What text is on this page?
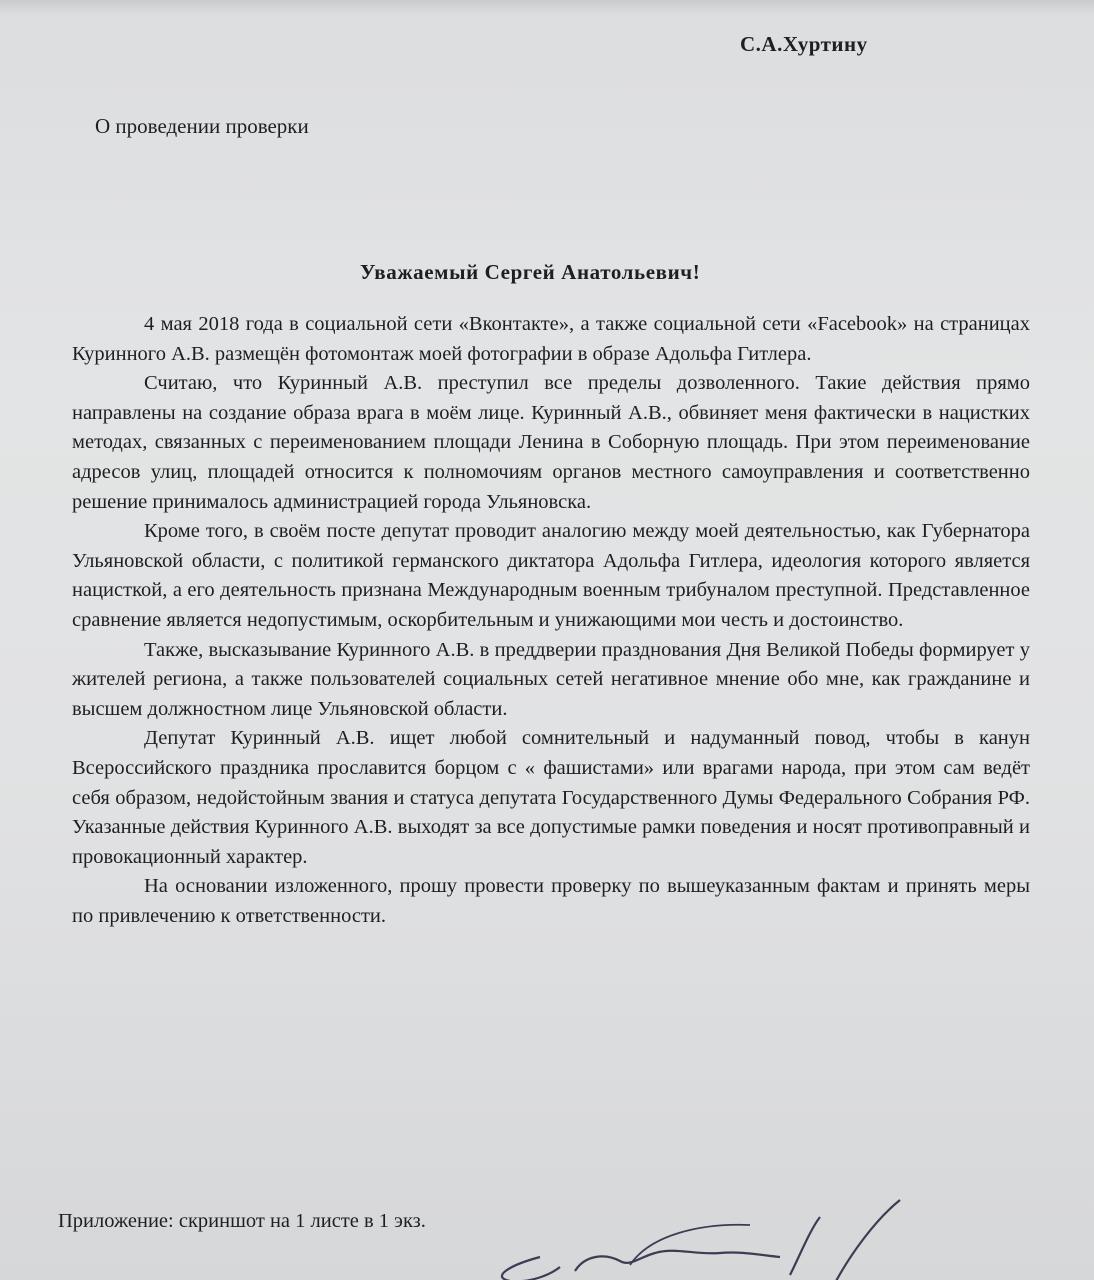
С.А.Хуртину
О проведении проверки
Уважаемый Сергей Анатольевич!

4 мая 2018 года в социальной сети «Вконтакте», а также социальной сети «Facebook» на страницах Куринного А.В. размещён фотомонтаж моей фотографии в образе Адольфа Гитлера.

Считаю, что Куринный А.В. преступил все пределы дозволенного. Такие действия прямо направлены на создание образа врага в моём лице. Куринный А.В., обвиняет меня фактически в нацистких методах, связанных с переименованием площади Ленина в Соборную площадь. При этом переименование адресов улиц, площадей относится к полномочиям органов местного самоуправления и соответственно решение принималось администрацией города Ульяновска.

Кроме того, в своём посте депутат проводит аналогию между моей деятельностью, как Губернатора Ульяновской области, с политикой германского диктатора Адольфа Гитлера, идеология которого является нацисткой, а его деятельность признана Международным военным трибуналом преступной. Представленное сравнение является недопустимым, оскорбительным и унижающими мои честь и достоинство.

Также, высказывание Куринного А.В. в преддверии празднования Дня Великой Победы формирует у жителей региона, а также пользователей социальных сетей негативное мнение обо мне, как гражданине и высшем должностном лице Ульяновской области.

Депутат Куринный А.В. ищет любой сомнительный и надуманный повод, чтобы в канун Всероссийского праздника прославится борцом с « фашистами» или врагами народа, при этом сам ведёт себя образом, недойстойным звания и статуса депутата Государственного Думы Федерального Собрания РФ. Указанные действия Куринного А.В. выходят за все допустимые рамки поведения и носят противоправный и провокационный характер.

На основании изложенного, прошу провести проверку по вышеуказанным фактам и принять меры по привлечению к ответственности.

Приложение: скриншот на 1 листе в 1 экз.
